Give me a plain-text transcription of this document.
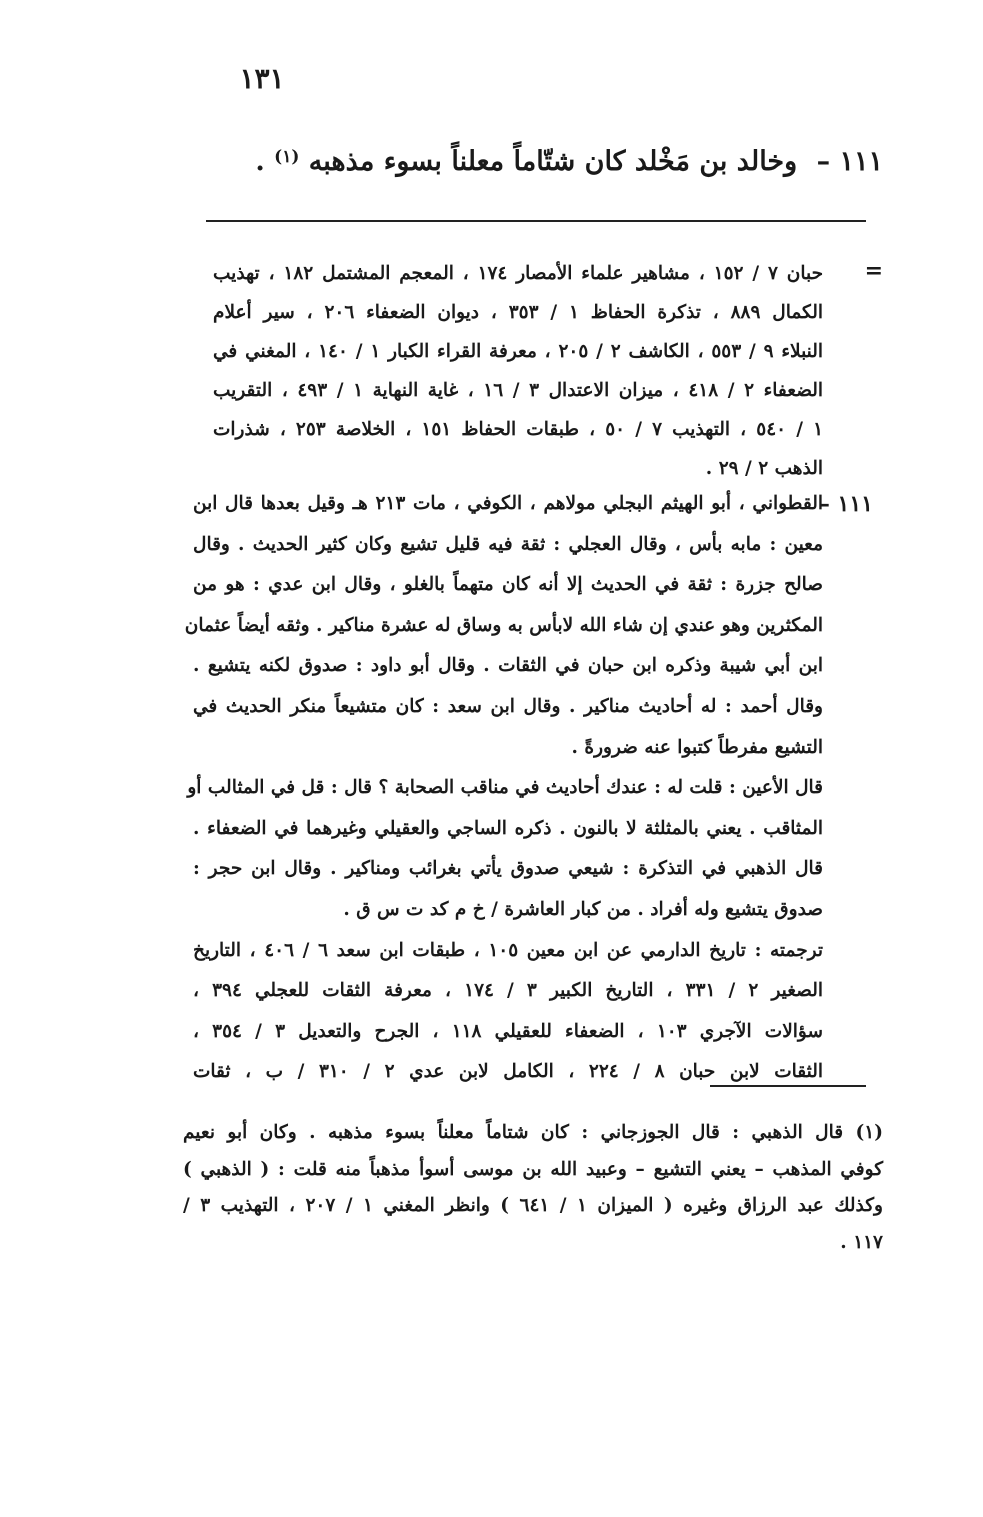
١٣١
١١١ – وخالد بن مَخْلد كان شتّاماً معلناً بسوء مذهبه $^{(١)}$ .
=
حبان ٧ / ١٥٢ ، مشاهير علماء الأمصار ١٧٤ ، المعجم المشتمل ١٨٢ ، تهذيب
الكمال ٨٨٩ ، تذكرة الحفاظ ١ / ٣٥٣ ، ديوان الضعفاء ٢٠٦ ، سير أعلام
النبلاء ٩ / ٥٥٣ ، الكاشف ٢ / ٢٠٥ ، معرفة القراء الكبار ١ / ١٤٠ ، المغني في
الضعفاء ٢ / ٤١٨ ، ميزان الاعتدال ٣ / ١٦ ، غاية النهاية ١ / ٤٩٣ ، التقريب
١ / ٥٤٠ ، التهذيب ٧ / ٥٠ ، طبقات الحفاظ ١٥١ ، الخلاصة ٢٥٣ ، شذرات
الذهب ٢ / ٢٩ .
١١١ –
القطواني ، أبو الهيثم البجلي مولاهم ، الكوفي ، مات ٢١٣ هـ وقيل بعدها قال ابن
معين : مابه بأس ، وقال العجلي : ثقة فيه قليل تشيع وكان كثير الحديث . وقال
صالح جزرة : ثقة في الحديث إلا أنه كان متهماً بالغلو ، وقال ابن عدي : هو من
المكثرين وهو عندي إن شاء الله لابأس به وساق له عشرة مناكير . وثقه أيضاً عثمان
ابن أبي شيبة وذكره ابن حبان في الثقات . وقال أبو داود : صدوق لكنه يتشيع .
وقال أحمد : له أحاديث مناكير . وقال ابن سعد : كان متشيعاً منكر الحديث في
التشيع مفرطاً كتبوا عنه ضرورةً .
قال الأعين : قلت له : عندك أحاديث في مناقب الصحابة ؟ قال : قل في المثالب أو
المثاقب . يعني بالمثلثة لا بالنون . ذكره الساجي والعقيلي وغيرهما في الضعفاء .
قال الذهبي في التذكرة : شيعي صدوق يأتي بغرائب ومناكير . وقال ابن حجر :
صدوق يتشيع وله أفراد . من كبار العاشرة / خ م كد ت س ق .
ترجمته : تاريخ الدارمي عن ابن معين ١٠٥ ، طبقات ابن سعد ٦ / ٤٠٦ ، التاريخ
الصغير ٢ / ٣٣١ ، التاريخ الكبير ٣ / ١٧٤ ، معرفة الثقات للعجلي ٣٩٤ ،
سؤالات الآجري ١٠٣ ، الضعفاء للعقيلي ١١٨ ، الجرح والتعديل ٣ / ٣٥٤ ،
الثقات لابن حبان ٨ / ٢٢٤ ، الكامل لابن عدي ٢ / ٣١٠ / ب ، ثقات
(١) قال الذهبي : قال الجوزجاني : كان شتاماً معلناً بسوء مذهبه . وكان أبو نعيم
كوفي المذهب – يعني التشيع – وعبيد الله بن موسى أسوأ مذهباً منه قلت : ( الذهبي )
وكذلك عبد الرزاق وغيره ( الميزان ١ / ٦٤١ ) وانظر المغني ١ / ٢٠٧ ، التهذيب ٣ /
١١٧ .
